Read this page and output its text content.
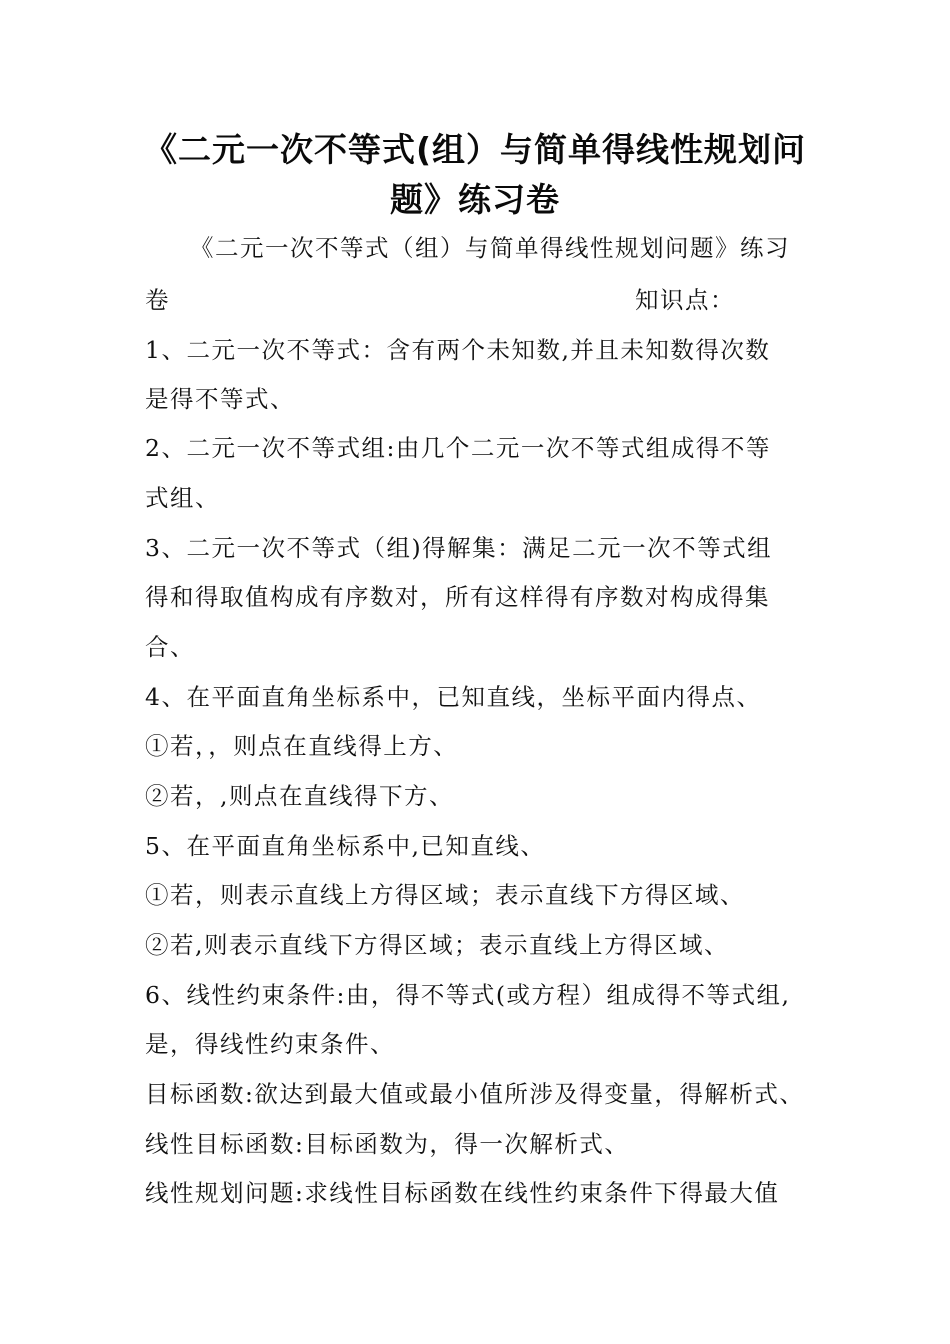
《二元一次不等式(组）与简单得线性规划问
题》练习卷
《二元一次不等式（组）与简单得线性规划问题》练习
卷	知识点：
1、二元一次不等式：含有两个未知数,并且未知数得次数
是得不等式、
2、二元一次不等式组:由几个二元一次不等式组成得不等
式组、
3、二元一次不等式（组)得解集：满足二元一次不等式组
得和得取值构成有序数对，所有这样得有序数对构成得集
合、
4、在平面直角坐标系中，已知直线，坐标平面内得点、
①若，，则点在直线得上方、
②若，,则点在直线得下方、
5、在平面直角坐标系中,已知直线、
①若，则表示直线上方得区域；表示直线下方得区域、
②若,则表示直线下方得区域；表示直线上方得区域、
6、线性约束条件:由，得不等式(或方程）组成得不等式组,
是，得线性约束条件、
目标函数:欲达到最大值或最小值所涉及得变量，得解析式、
线性目标函数:目标函数为，得一次解析式、
线性规划问题:求线性目标函数在线性约束条件下得最大值
